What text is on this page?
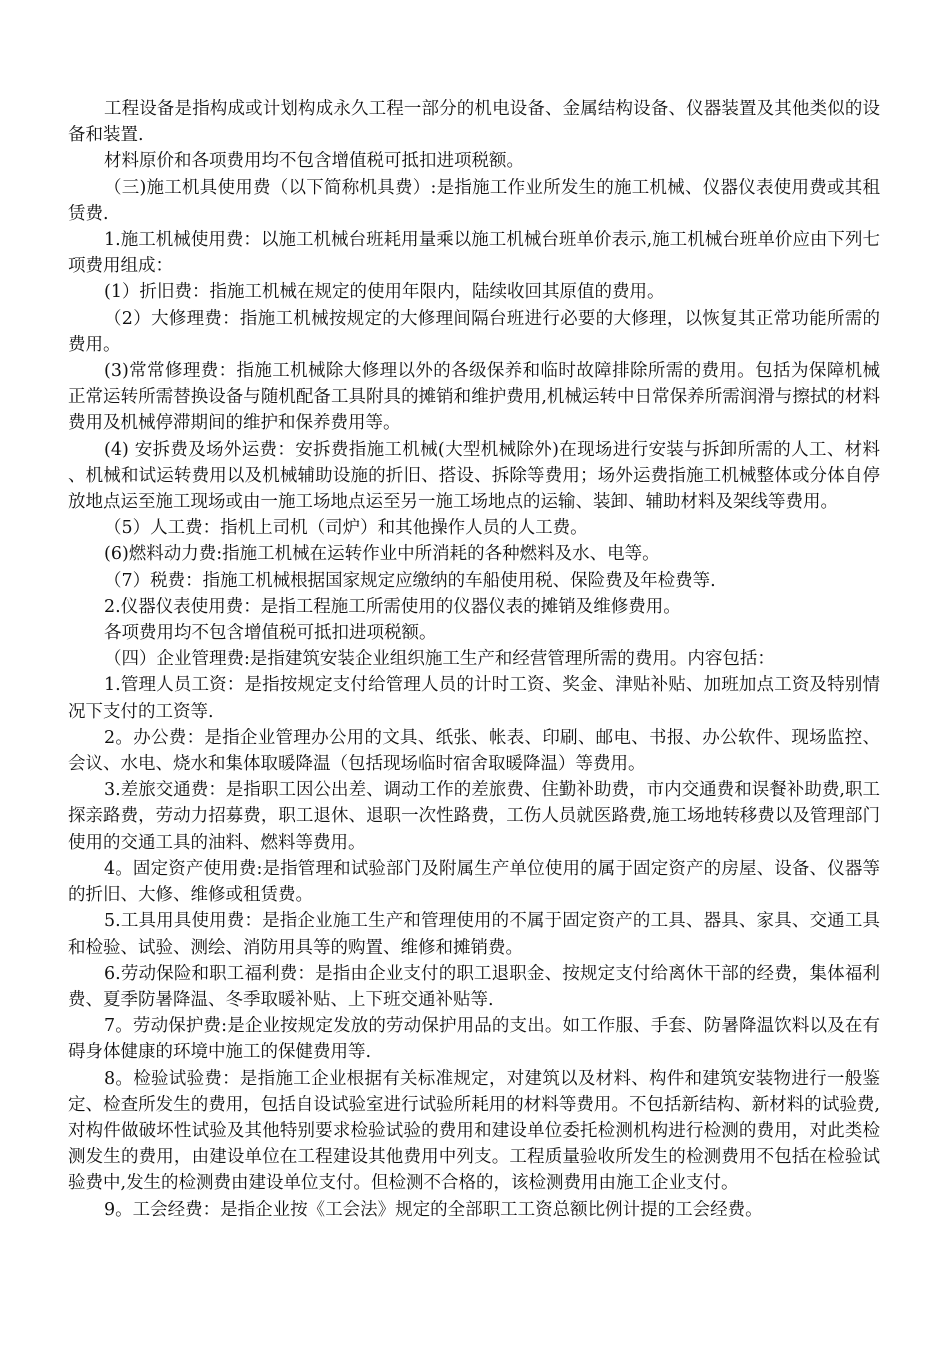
工程设备是指构成或计划构成永久工程一部分的机电设备、金属结构设备、仪器装置及其他类似的设备和装置.

材料原价和各项费用均不包含增值税可抵扣进项税额。

（三)施工机具使用费（以下简称机具费）:是指施工作业所发生的施工机械、仪器仪表使用费或其租赁费.

1.施工机械使用费：以施工机械台班耗用量乘以施工机械台班单价表示,施工机械台班单价应由下列七项费用组成：

(1）折旧费：指施工机械在规定的使用年限内，陆续收回其原值的费用。

（2）大修理费：指施工机械按规定的大修理间隔台班进行必要的大修理，以恢复其正常功能所需的费用。

(3)常常修理费：指施工机械除大修理以外的各级保养和临时故障排除所需的费用。包括为保障机械正常运转所需替换设备与随机配备工具附具的摊销和维护费用,机械运转中日常保养所需润滑与擦拭的材料费用及机械停滞期间的维护和保养费用等。

(4) 安拆费及场外运费：安拆费指施工机械(大型机械除外)在现场进行安装与拆卸所需的人工、材料、机械和试运转费用以及机械辅助设施的折旧、搭设、拆除等费用；场外运费指施工机械整体或分体自停放地点运至施工现场或由一施工场地点运至另一施工场地点的运输、装卸、辅助材料及架线等费用。

（5）人工费：指机上司机（司炉）和其他操作人员的人工费。

(6)燃料动力费:指施工机械在运转作业中所消耗的各种燃料及水、电等。

（7）税费：指施工机械根据国家规定应缴纳的车船使用税、保险费及年检费等.

2.仪器仪表使用费：是指工程施工所需使用的仪器仪表的摊销及维修费用。

各项费用均不包含增值税可抵扣进项税额。

（四）企业管理费:是指建筑安装企业组织施工生产和经营管理所需的费用。内容包括：

1.管理人员工资：是指按规定支付给管理人员的计时工资、奖金、津贴补贴、加班加点工资及特别情况下支付的工资等.

2。办公费：是指企业管理办公用的文具、纸张、帐表、印刷、邮电、书报、办公软件、现场监控、会议、水电、烧水和集体取暖降温（包括现场临时宿舍取暖降温）等费用。

3.差旅交通费：是指职工因公出差、调动工作的差旅费、住勤补助费，市内交通费和误餐补助费,职工探亲路费，劳动力招募费，职工退休、退职一次性路费，工伤人员就医路费,施工场地转移费以及管理部门使用的交通工具的油料、燃料等费用。

4。固定资产使用费:是指管理和试验部门及附属生产单位使用的属于固定资产的房屋、设备、仪器等的折旧、大修、维修或租赁费。

5.工具用具使用费：是指企业施工生产和管理使用的不属于固定资产的工具、器具、家具、交通工具和检验、试验、测绘、消防用具等的购置、维修和摊销费。

6.劳动保险和职工福利费：是指由企业支付的职工退职金、按规定支付给离休干部的经费，集体福利费、夏季防暑降温、冬季取暖补贴、上下班交通补贴等.

7。劳动保护费:是企业按规定发放的劳动保护用品的支出。如工作服、手套、防暑降温饮料以及在有碍身体健康的环境中施工的保健费用等.

8。检验试验费：是指施工企业根据有关标准规定，对建筑以及材料、构件和建筑安装物进行一般鉴定、检查所发生的费用，包括自设试验室进行试验所耗用的材料等费用。不包括新结构、新材料的试验费,对构件做破坏性试验及其他特别要求检验试验的费用和建设单位委托检测机构进行检测的费用，对此类检测发生的费用，由建设单位在工程建设其他费用中列支。工程质量验收所发生的检测费用不包括在检验试验费中,发生的检测费由建设单位支付。但检测不合格的，该检测费用由施工企业支付。

9。工会经费：是指企业按《工会法》规定的全部职工工资总额比例计提的工会经费。
